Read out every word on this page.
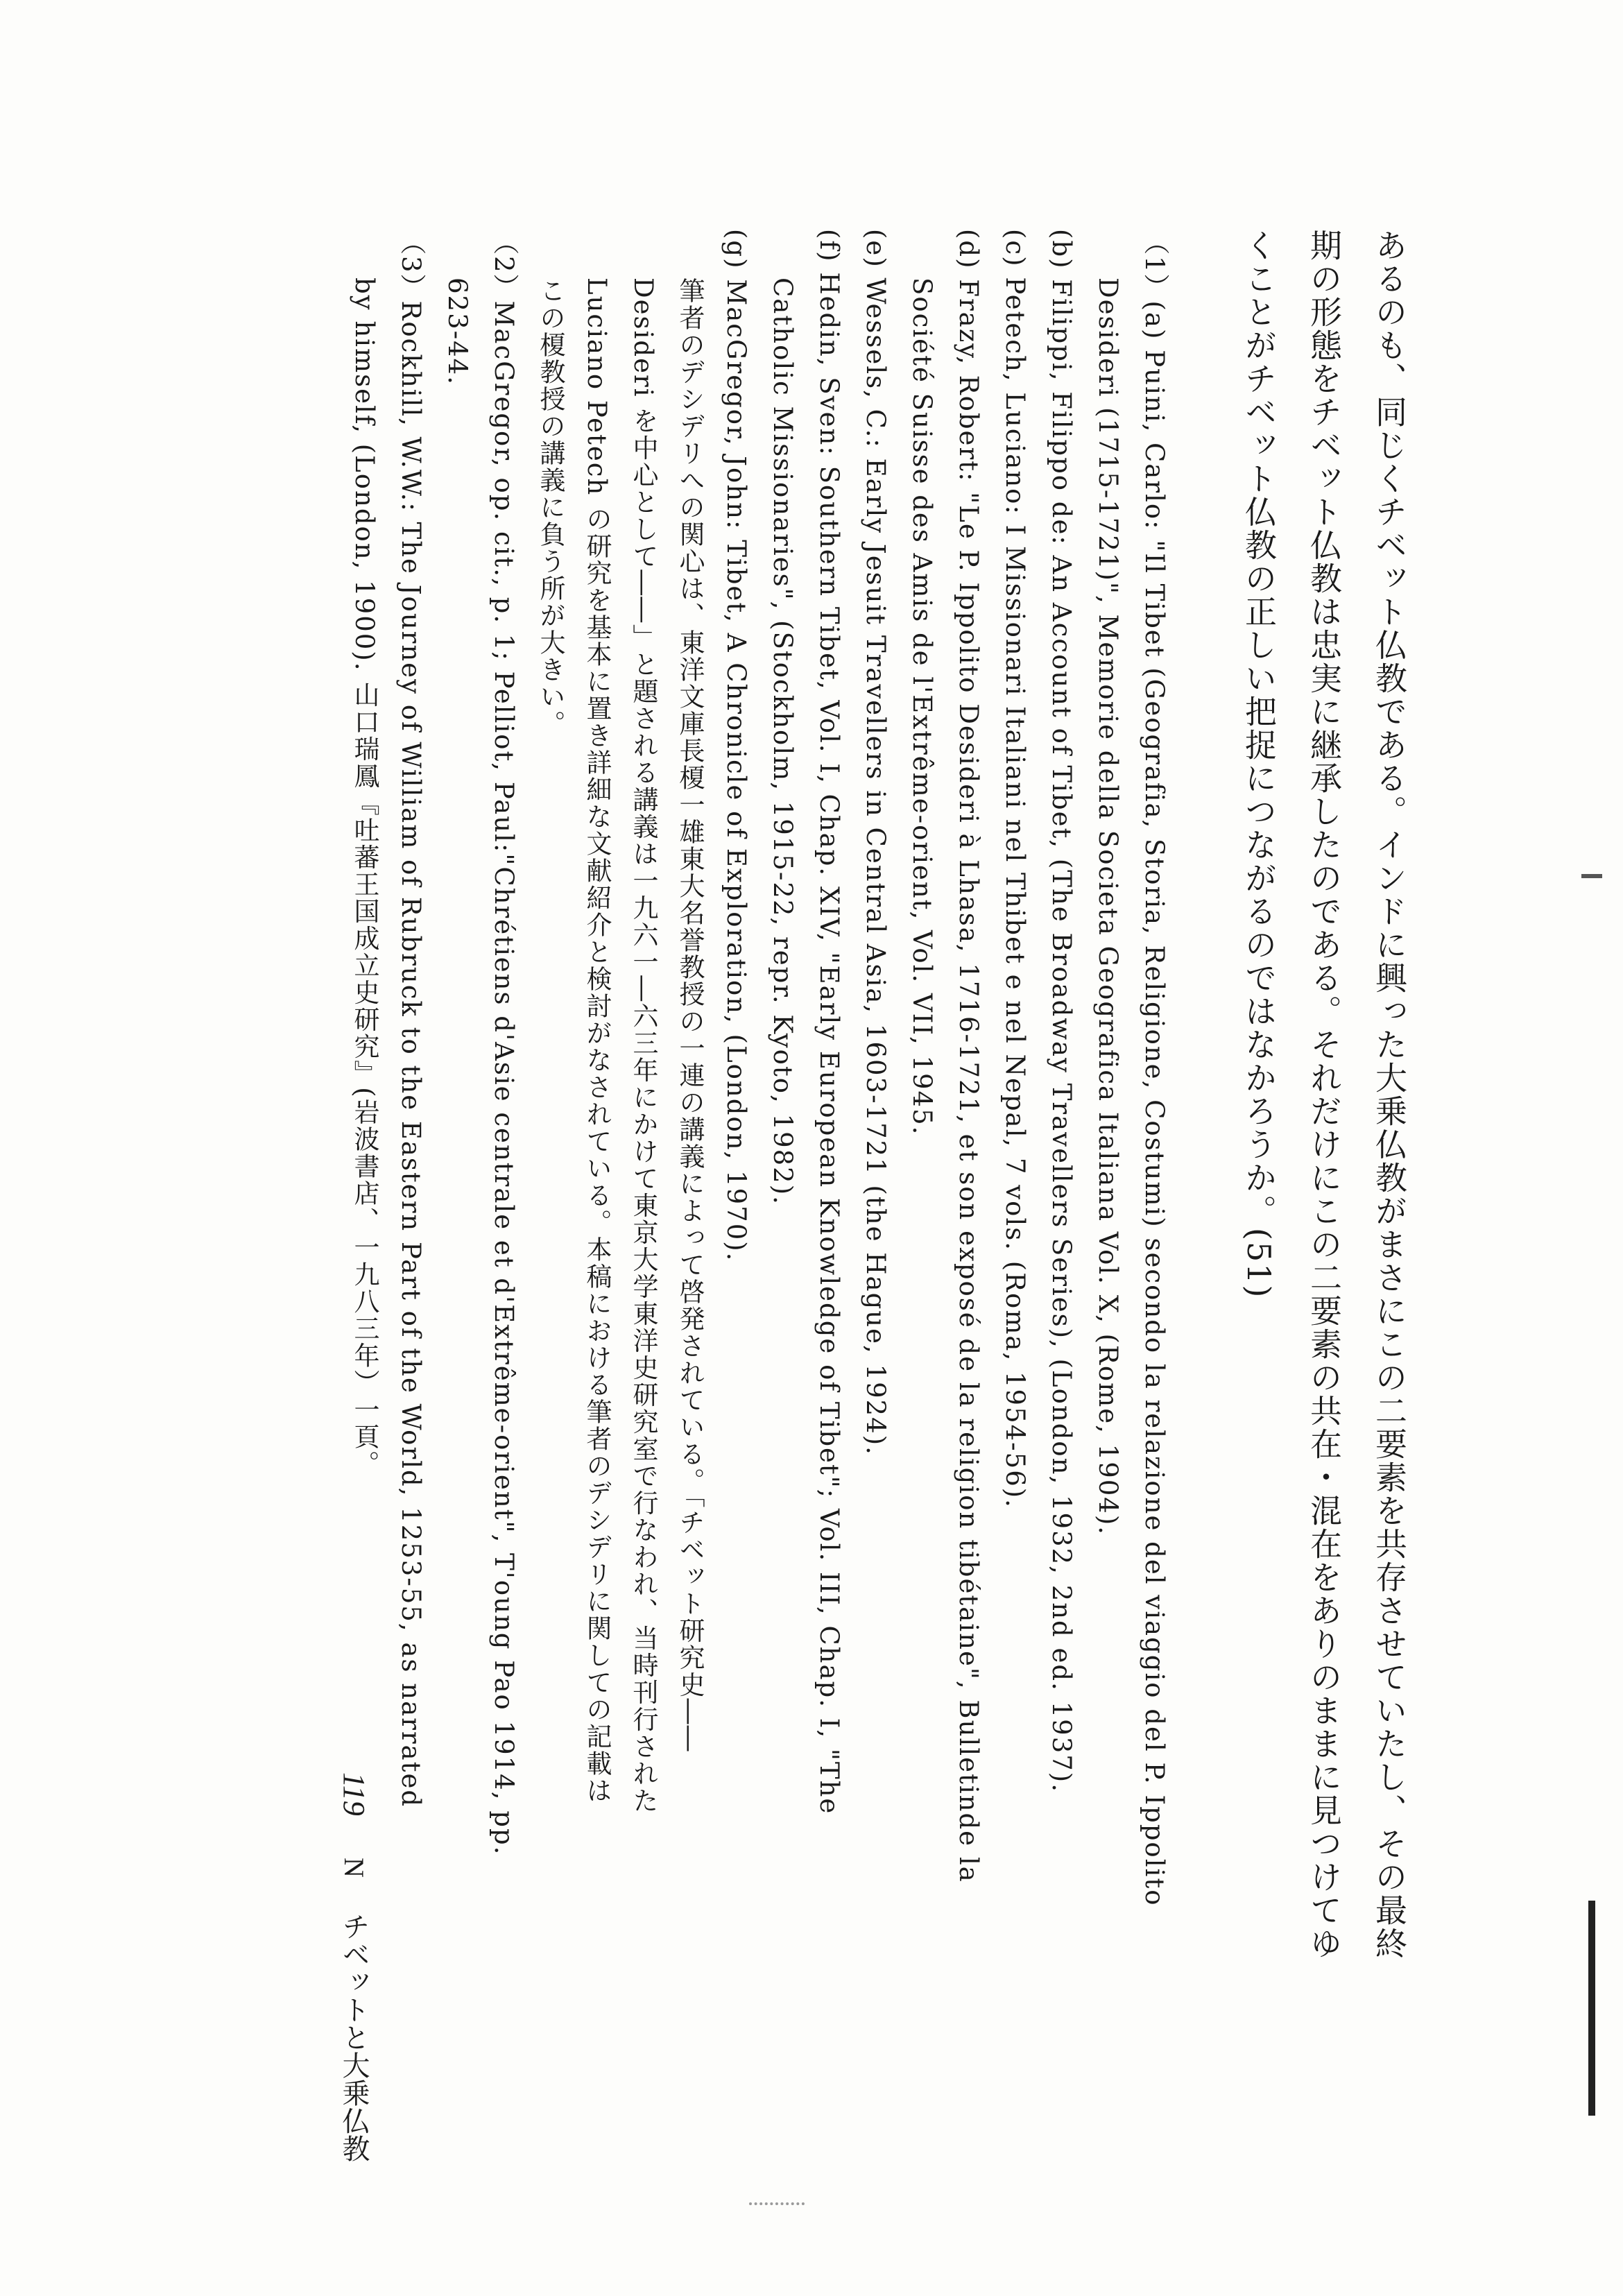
あるのも、同じくチベット仏教である。インドに興った大乗仏教がまさにこの二要素を共存させていたし、その最終
期の形態をチベット仏教は忠実に継承したのである。それだけにこの二要素の共在・混在をありのままに見つけてゆ
くことがチベット仏教の正しい把捉につながるのではなかろうか。(51)
（1）(a) Puini, Carlo: "Il Tibet (Geografia, Storia, Religione, Costumi) secondo la relazione del viaggio del P. Ippolito
Desideri (1715-1721)", Memorie della Societa Geografica Italiana Vol. X, (Rome, 1904).
(b) Filippi, Filippo de: An Account of Tibet, (The Broadway Travellers Series), (London, 1932, 2nd ed. 1937).
(c) Petech, Luciano: I Missionari Italiani nel Thibet e nel Nepal, 7 vols. (Roma, 1954-56).
(d) Frazy, Robert: "Le P. Ippolito Desideri à Lhasa, 1716-1721, et son exposé de la religion tibétaine", Bulletinde la
Société Suisse des Amis de l'Extrême-orient, Vol. VII, 1945.
(e) Wessels, C.: Early Jesuit Travellers in Central Asia, 1603-1721 (the Hague, 1924).
(f) Hedin, Sven: Southern Tibet, Vol. I, Chap. XIV, "Early European Knowledge of Tibet"; Vol. III, Chap. I, "The
Catholic Missionaries", (Stockholm, 1915-22, repr. Kyoto, 1982).
(g) MacGregor, John: Tibet, A Chronicle of Exploration, (London, 1970).
筆者のデシデリへの関心は、東洋文庫長榎一雄東大名誉教授の一連の講義によって啓発されている。「チベット研究史――
Desideri を中心として――」と題される講義は一九六一―六三年にかけて東京大学東洋史研究室で行なわれ、当時刊行された
Luciano Petech の研究を基本に置き詳細な文献紹介と検討がなされている。本稿における筆者のデシデリに関しての記載は
この榎教授の講義に負う所が大きい。
（2）MacGregor, op. cit., p. 1; Pelliot, Paul:"Chrétiens d'Asie centrale et d'Extrême-orient", T'oung Pao 1914, pp.
623-44.
（3）Rockhill, W.W.: The Journey of William of Rubruck to the Eastern Part of the World, 1253-55, as narrated
by himself, (London, 1900). 山口瑞鳳『吐蕃王国成立史研究』(岩波書店、一九八三年）一頁。
119Nチベットと大乗仏教
